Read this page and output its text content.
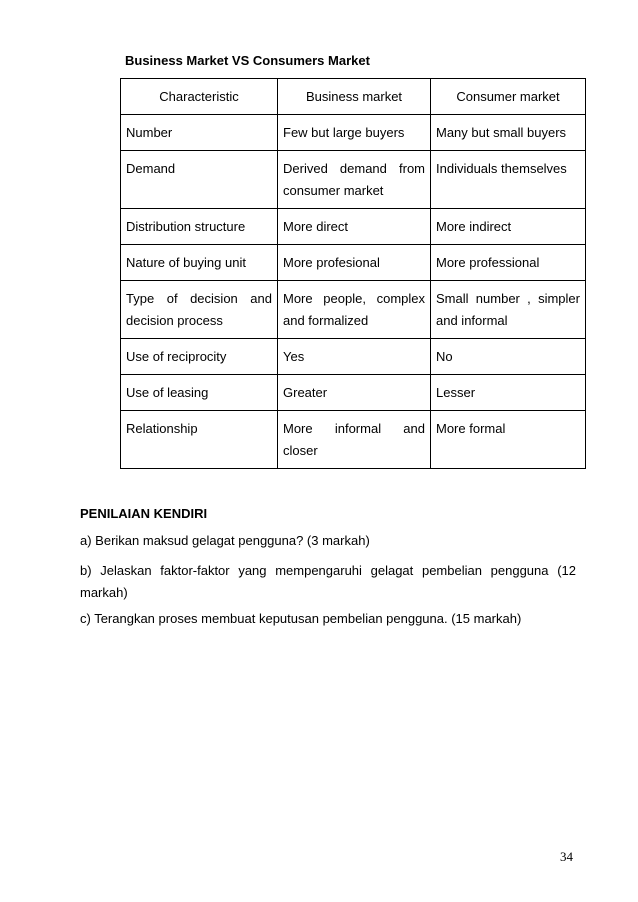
Business Market VS Consumers Market
Characteristic	Business market	Consumer market
Number	Few but large buyers	Many but small buyers
Demand	Derived demand from consumer market	Individuals themselves
Distribution structure	More direct	More indirect
Nature of buying unit	More profesional	More professional
Type of decision and decision process	More people, complex and formalized	Small number , simpler and informal
Use of reciprocity	Yes	No
Use of leasing	Greater	Lesser
Relationship	More informal and closer	More formal
PENILAIAN KENDIRI
a) Berikan maksud gelagat pengguna? (3 markah)
b) Jelaskan faktor-faktor yang mempengaruhi gelagat pembelian pengguna (12 markah)
c) Terangkan proses membuat keputusan pembelian pengguna. (15 markah)
34
